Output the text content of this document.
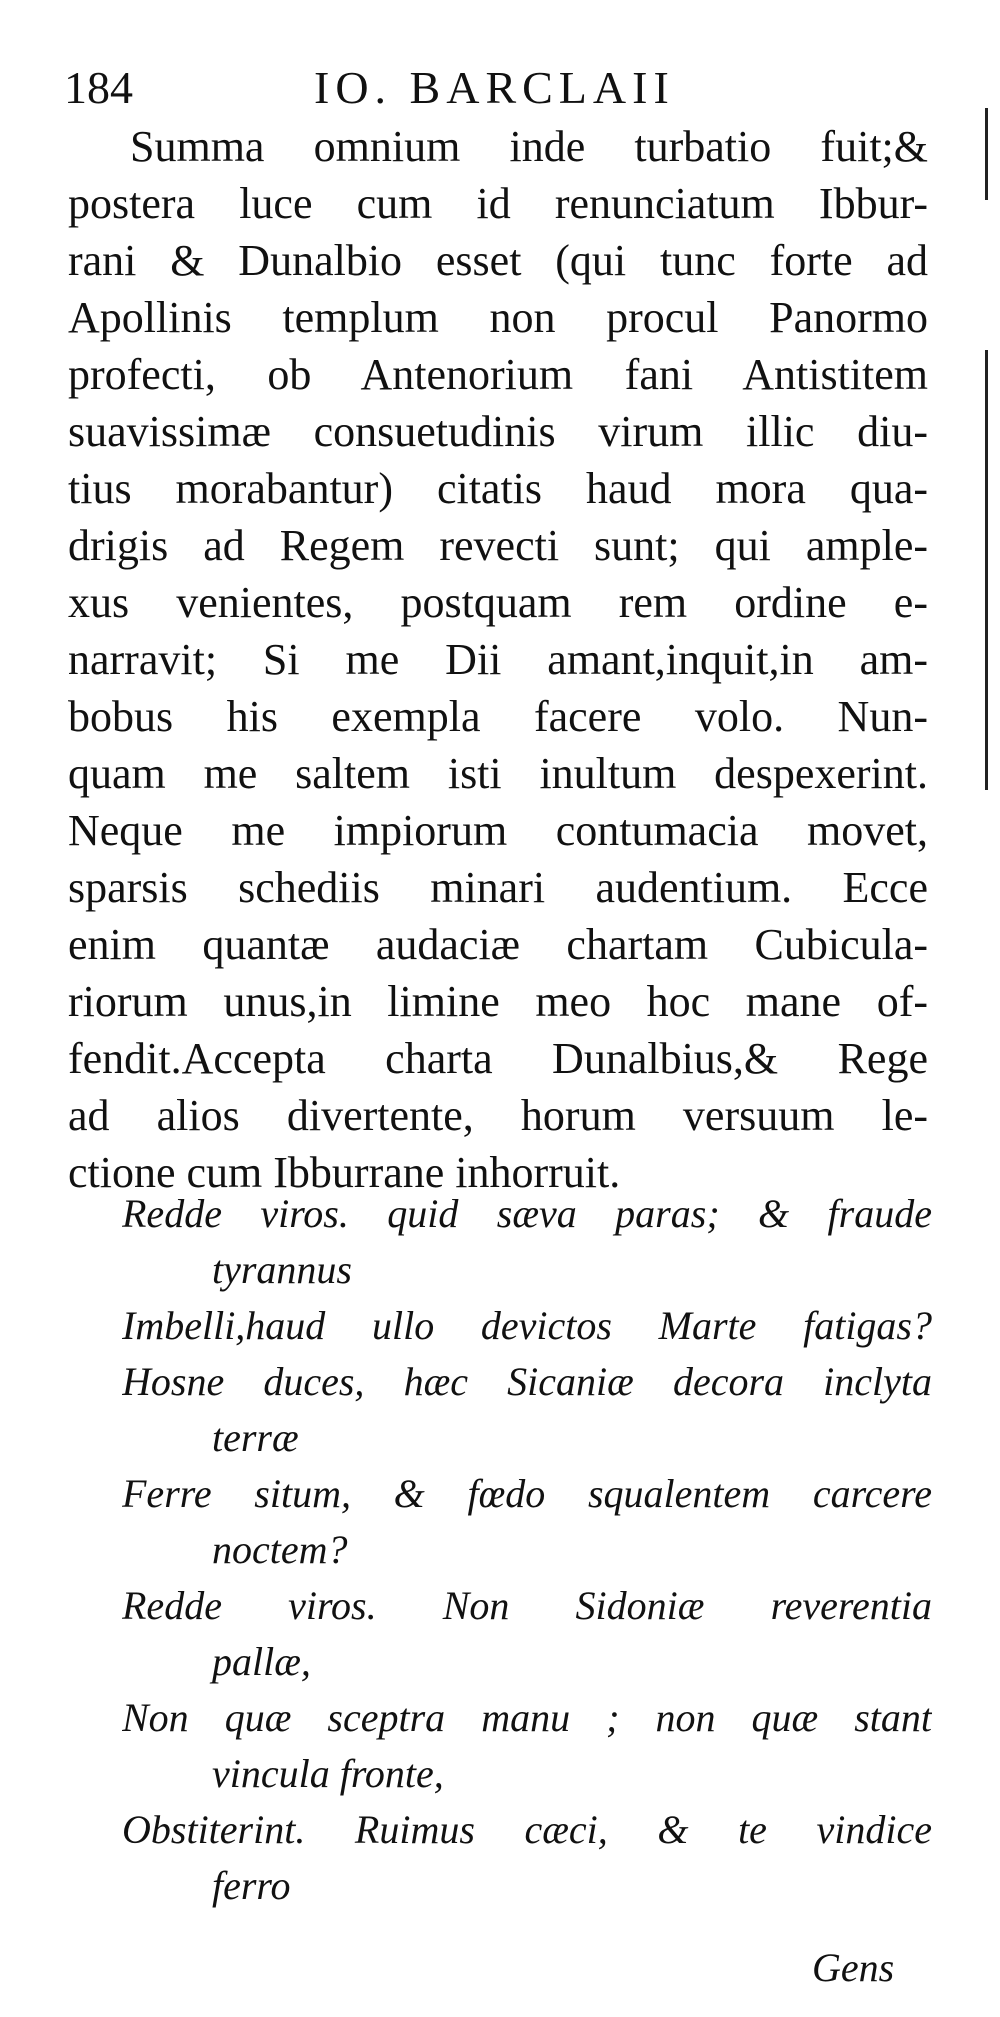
184	IO. BARCLAII
Summa omnium inde turbatio fuit;&
postera luce cum id renunciatum Ibbur-
rani & Dunalbio esset (qui tunc forte ad
Apollinis templum non procul Panormo
profecti, ob Antenorium fani Antistitem
suavissimæ consuetudinis virum illic diu-
tius morabantur) citatis haud mora qua-
drigis ad Regem revecti sunt; qui ample-
xus venientes, postquam rem ordine e-
narravit; Si me Dii amant,inquit,in am-
bobus his exempla facere volo. Nun-
quam me saltem isti inultum despexerint.
Neque me impiorum contumacia movet,
sparsis schediis minari audentium. Ecce
enim quantæ audaciæ chartam Cubicula-
riorum unus,in limine meo hoc mane of-
fendit.Accepta charta Dunalbius,& Rege
ad alios divertente, horum versuum le-
ctione cum Ibburrane inhorruit.
Redde viros. quid sæva paras; & fraude
tyrannus
Imbelli,haud ullo devictos Marte fatigas?
Hosne duces, hæc Sicaniæ decora inclyta
terræ
Ferre situm, & fœdo squalentem carcere
noctem?
Redde viros. Non Sidoniæ reverentia
pallæ,
Non quæ sceptra manu ; non quæ stant
vincula fronte,
Obstiterint. Ruimus cæci, & te vindice
ferro
Gens
